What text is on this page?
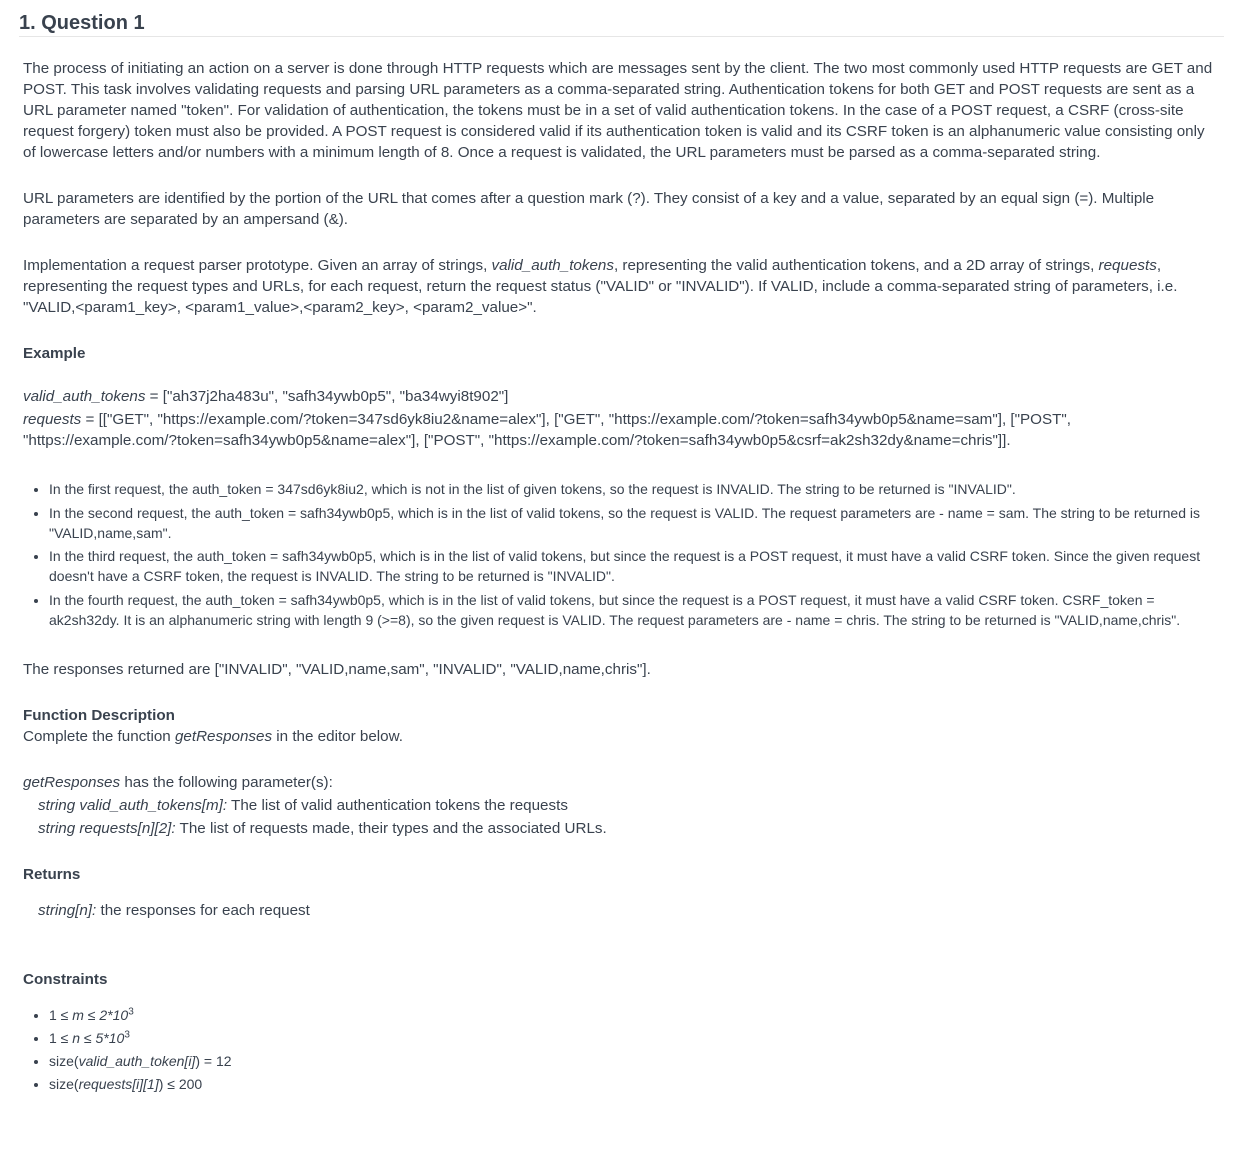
1. Question 1

The process of initiating an action on a server is done through HTTP requests which are messages sent by the client. The two most commonly used HTTP requests are GET and POST. This task involves validating requests and parsing URL parameters as a comma-separated string. Authentication tokens for both GET and POST requests are sent as a URL parameter named "token". For validation of authentication, the tokens must be in a set of valid authentication tokens. In the case of a POST request, a CSRF (cross-site request forgery) token must also be provided. A POST request is considered valid if its authentication token is valid and its CSRF token is an alphanumeric value consisting only of lowercase letters and/or numbers with a minimum length of 8. Once a request is validated, the URL parameters must be parsed as a comma-separated string.

URL parameters are identified by the portion of the URL that comes after a question mark (?). They consist of a key and a value, separated by an equal sign (=). Multiple parameters are separated by an ampersand (&).

Implementation a request parser prototype. Given an array of strings, valid_auth_tokens, representing the valid authentication tokens, and a 2D array of strings, requests, representing the request types and URLs, for each request, return the request status ("VALID" or "INVALID"). If VALID, include a comma-separated string of parameters, i.e. "VALID,<param1_key>, <param1_value>,<param2_key>, <param2_value>".

Example

valid_auth_tokens = ["ah37j2ha483u", "safh34ywb0p5", "ba34wyi8t902"]

requests = [["GET", "https://example.com/?token=347sd6yk8iu2&name=alex"], ["GET", "https://example.com/?token=safh34ywb0p5&name=sam"], ["POST", "https://example.com/?token=safh34ywb0p5&name=alex"], ["POST", "https://example.com/?token=safh34ywb0p5&csrf=ak2sh32dy&name=chris"]].

• In the first request, the auth_token = 347sd6yk8iu2, which is not in the list of given tokens, so the request is INVALID. The string to be returned is "INVALID".
• In the second request, the auth_token = safh34ywb0p5, which is in the list of valid tokens, so the request is VALID. The request parameters are - name = sam. The string to be returned is "VALID,name,sam".
• In the third request, the auth_token = safh34ywb0p5, which is in the list of valid tokens, but since the request is a POST request, it must have a valid CSRF token. Since the given request doesn't have a CSRF token, the request is INVALID. The string to be returned is "INVALID".
• In the fourth request, the auth_token = safh34ywb0p5, which is in the list of valid tokens, but since the request is a POST request, it must have a valid CSRF token. CSRF_token = ak2sh32dy. It is an alphanumeric string with length 9 (>=8), so the given request is VALID. The request parameters are - name = chris. The string to be returned is "VALID,name,chris".

The responses returned are ["INVALID", "VALID,name,sam", "INVALID", "VALID,name,chris"].

Function Description

Complete the function getResponses in the editor below.

getResponses has the following parameter(s):

string valid_auth_tokens[m]: The list of valid authentication tokens the requests

string requests[n][2]: The list of requests made, their types and the associated URLs.

Returns

string[n]: the responses for each request

Constraints

• $1 \le m \le 2*10^3$
• $1 \le n \le 5*10^3$
• size(valid_auth_token[i]) = 12
• size(requests[i][1]) ≤ 200
